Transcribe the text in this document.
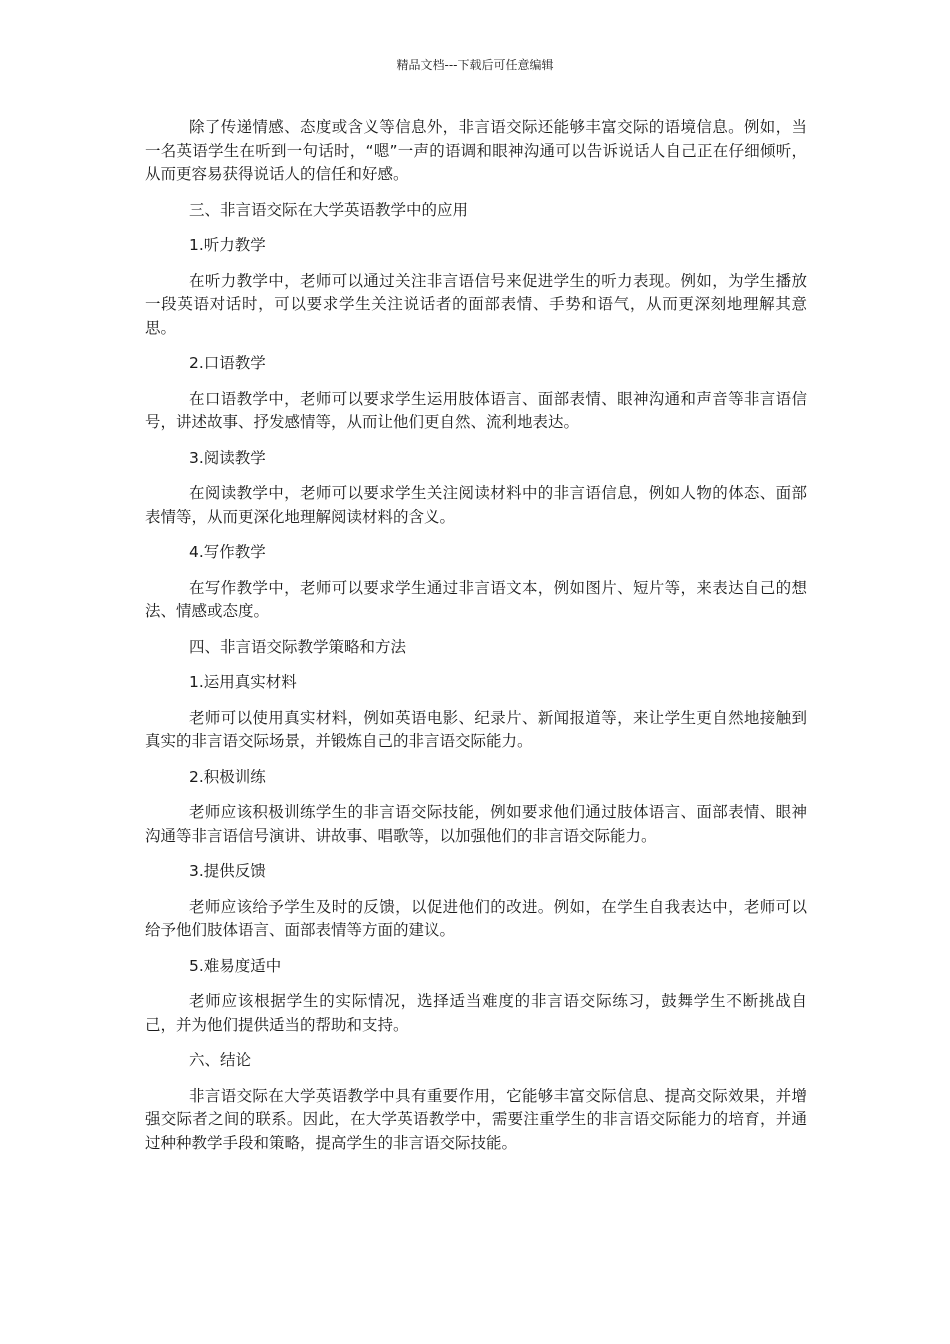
精品文档---下载后可任意编辑

除了传递情感、态度或含义等信息外，非言语交际还能够丰富交际的语境信息。例如，当一名英语学生在听到一句话时，“嗯”一声的语调和眼神沟通可以告诉说话人自己正在仔细倾听，从而更容易获得说话人的信任和好感。

三、非言语交际在大学英语教学中的应用

1.听力教学

在听力教学中，老师可以通过关注非言语信号来促进学生的听力表现。例如，为学生播放一段英语对话时，可以要求学生关注说话者的面部表情、手势和语气，从而更深刻地理解其意思。

2.口语教学

在口语教学中，老师可以要求学生运用肢体语言、面部表情、眼神沟通和声音等非言语信号，讲述故事、抒发感情等，从而让他们更自然、流利地表达。

3.阅读教学

在阅读教学中，老师可以要求学生关注阅读材料中的非言语信息，例如人物的体态、面部表情等，从而更深化地理解阅读材料的含义。

4.写作教学

在写作教学中，老师可以要求学生通过非言语文本，例如图片、短片等，来表达自己的想法、情感或态度。

四、非言语交际教学策略和方法

1.运用真实材料

老师可以使用真实材料，例如英语电影、纪录片、新闻报道等，来让学生更自然地接触到真实的非言语交际场景，并锻炼自己的非言语交际能力。

2.积极训练

老师应该积极训练学生的非言语交际技能，例如要求他们通过肢体语言、面部表情、眼神沟通等非言语信号演讲、讲故事、唱歌等，以加强他们的非言语交际能力。

3.提供反馈

老师应该给予学生及时的反馈，以促进他们的改进。例如，在学生自我表达中，老师可以给予他们肢体语言、面部表情等方面的建议。

5.难易度适中

老师应该根据学生的实际情况，选择适当难度的非言语交际练习，鼓舞学生不断挑战自己，并为他们提供适当的帮助和支持。

六、结论

非言语交际在大学英语教学中具有重要作用，它能够丰富交际信息、提高交际效果，并增强交际者之间的联系。因此，在大学英语教学中，需要注重学生的非言语交际能力的培育，并通过种种教学手段和策略，提高学生的非言语交际技能。
